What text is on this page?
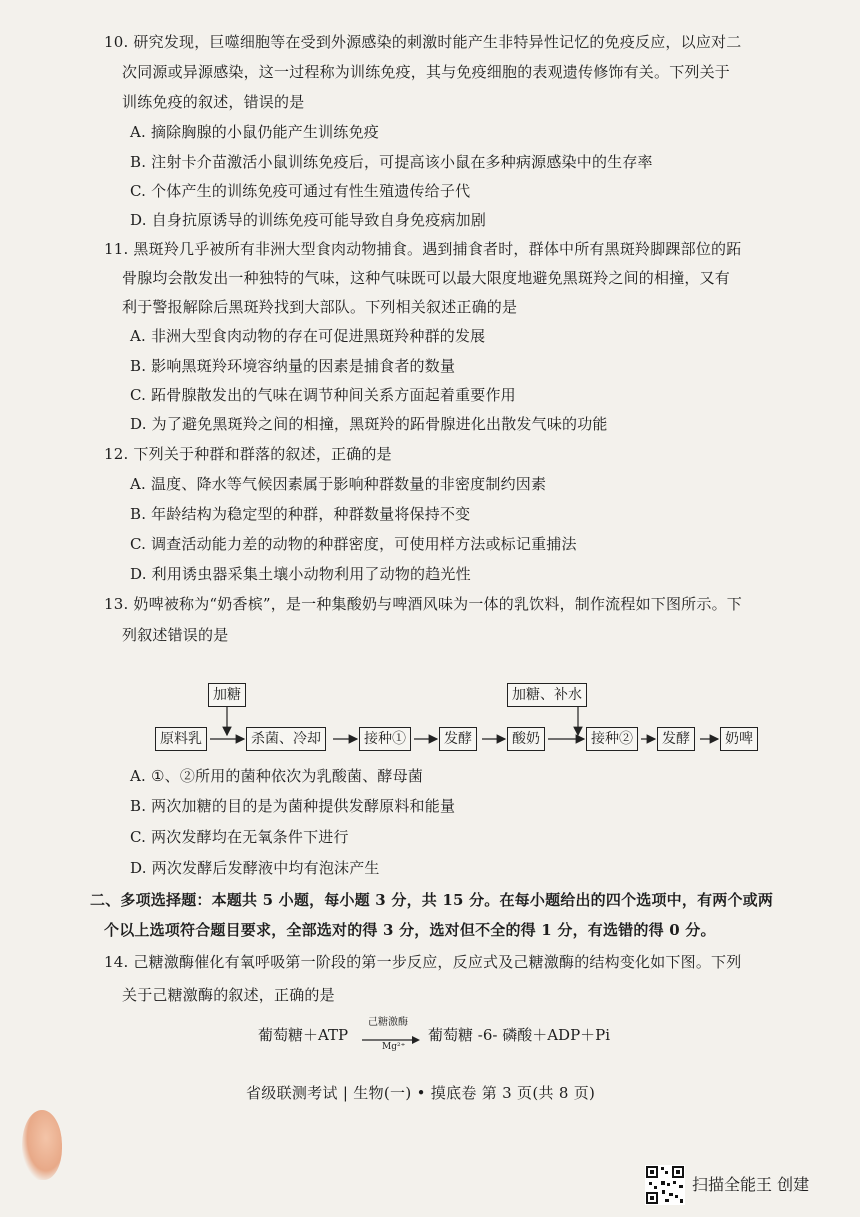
10. 研究发现，巨噬细胞等在受到外源感染的刺激时能产生非特异性记忆的免疫反应，以应对二
次同源或异源感染，这一过程称为训练免疫，其与免疫细胞的表观遗传修饰有关。下列关于
训练免疫的叙述，错误的是
A. 摘除胸腺的小鼠仍能产生训练免疫
B. 注射卡介苗激活小鼠训练免疫后，可提高该小鼠在多种病源感染中的生存率
C. 个体产生的训练免疫可通过有性生殖遗传给子代
D. 自身抗原诱导的训练免疫可能导致自身免疫病加剧
11. 黑斑羚几乎被所有非洲大型食肉动物捕食。遇到捕食者时，群体中所有黑斑羚脚踝部位的跖
骨腺均会散发出一种独特的气味，这种气味既可以最大限度地避免黑斑羚之间的相撞，又有
利于警报解除后黑斑羚找到大部队。下列相关叙述正确的是
A. 非洲大型食肉动物的存在可促进黑斑羚种群的发展
B. 影响黑斑羚环境容纳量的因素是捕食者的数量
C. 跖骨腺散发出的气味在调节种间关系方面起着重要作用
D. 为了避免黑斑羚之间的相撞，黑斑羚的跖骨腺进化出散发气味的功能
12. 下列关于种群和群落的叙述，正确的是
A. 温度、降水等气候因素属于影响种群数量的非密度制约因素
B. 年龄结构为稳定型的种群，种群数量将保持不变
C. 调查活动能力差的动物的种群密度，可使用样方法或标记重捕法
D. 利用诱虫器采集土壤小动物利用了动物的趋光性
13. 奶啤被称为“奶香槟”，是一种集酸奶与啤酒风味为一体的乳饮料，制作流程如下图所示。下
列叙述错误的是
加糖	加糖、补水
原料乳	杀菌、冷却	接种①	发酵	酸奶	接种②	发酵	奶啤
A. ①、②所用的菌种依次为乳酸菌、酵母菌
B. 两次加糖的目的是为菌种提供发酵原料和能量
C. 两次发酵均在无氧条件下进行
D. 两次发酵后发酵液中均有泡沫产生
二、多项选择题：本题共 5 小题，每小题 3 分，共 15 分。在每小题给出的四个选项中，有两个或两
个以上选项符合题目要求，全部选对的得 3 分，选对但不全的得 1 分，有选错的得 0 分。
14. 己糖激酶催化有氧呼吸第一阶段的第一步反应，反应式及己糖激酶的结构变化如下图。下列
关于己糖激酶的叙述，正确的是
葡萄糖＋ATP
己糖激酶
Mg²⁺
葡萄糖 -6- 磷酸＋ADP＋Pi
省级联测考试 | 生物(一) • 摸底卷 第 3 页(共 8 页)
扫描全能王 创建
